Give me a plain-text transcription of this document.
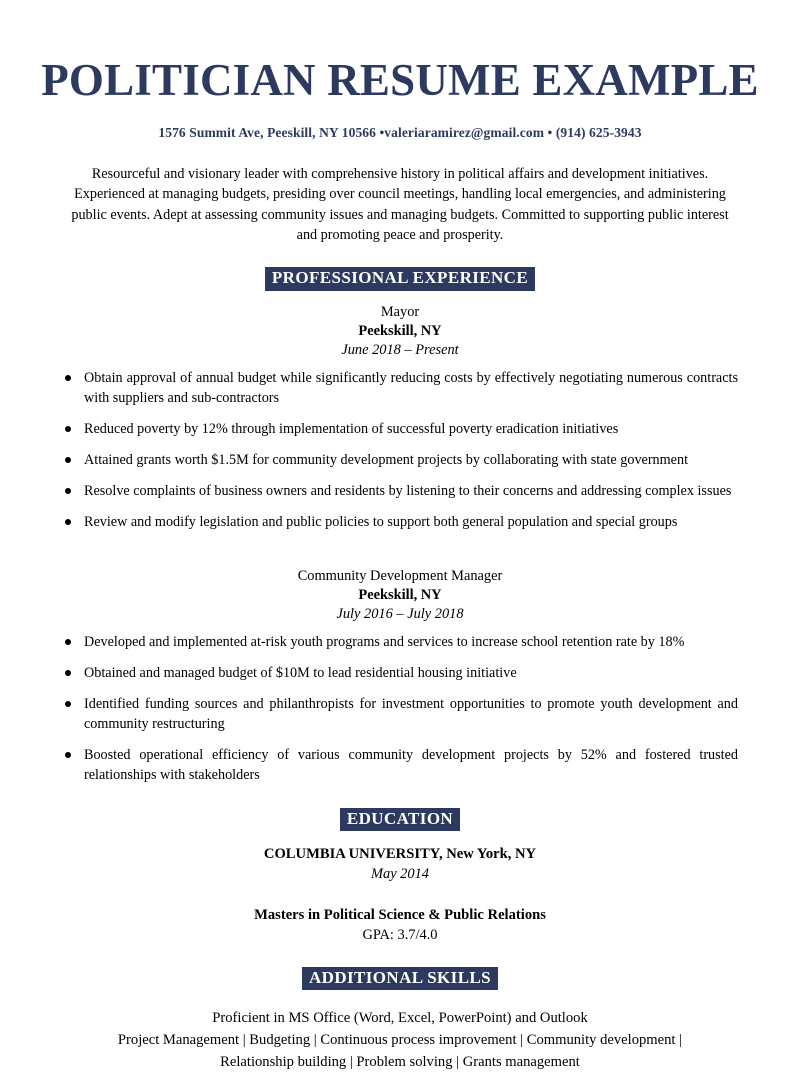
POLITICIAN RESUME EXAMPLE
1576 Summit Ave, Peeskill, NY 10566 •valeriaramirez@gmail.com • (914) 625-3943
Resourceful and visionary leader with comprehensive history in political affairs and development initiatives. Experienced at managing budgets, presiding over council meetings, handling local emergencies, and administering public events. Adept at assessing community issues and managing budgets. Committed to supporting public interest and promoting peace and prosperity.
PROFESSIONAL EXPERIENCE
Mayor
Peekskill, NY
June 2018 – Present
Obtain approval of annual budget while significantly reducing costs by effectively negotiating numerous contracts with suppliers and sub-contractors
Reduced poverty by 12% through implementation of successful poverty eradication initiatives
Attained grants worth $1.5M for community development projects by collaborating with state government
Resolve complaints of business owners and residents by listening to their concerns and addressing complex issues
Review and modify legislation and public policies to support both general population and special groups
Community Development Manager
Peekskill, NY
July 2016 – July 2018
Developed and implemented at-risk youth programs and services to increase school retention rate by 18%
Obtained and managed budget of $10M to lead residential housing initiative
Identified funding sources and philanthropists for investment opportunities to promote youth development and community restructuring
Boosted operational efficiency of various community development projects by 52% and fostered trusted relationships with stakeholders
EDUCATION
COLUMBIA UNIVERSITY, New York, NY
May 2014
Masters in Political Science & Public Relations
GPA: 3.7/4.0
ADDITIONAL SKILLS
Proficient in MS Office (Word, Excel, PowerPoint) and Outlook
Project Management | Budgeting | Continuous process improvement | Community development |
Relationship building | Problem solving | Grants management
